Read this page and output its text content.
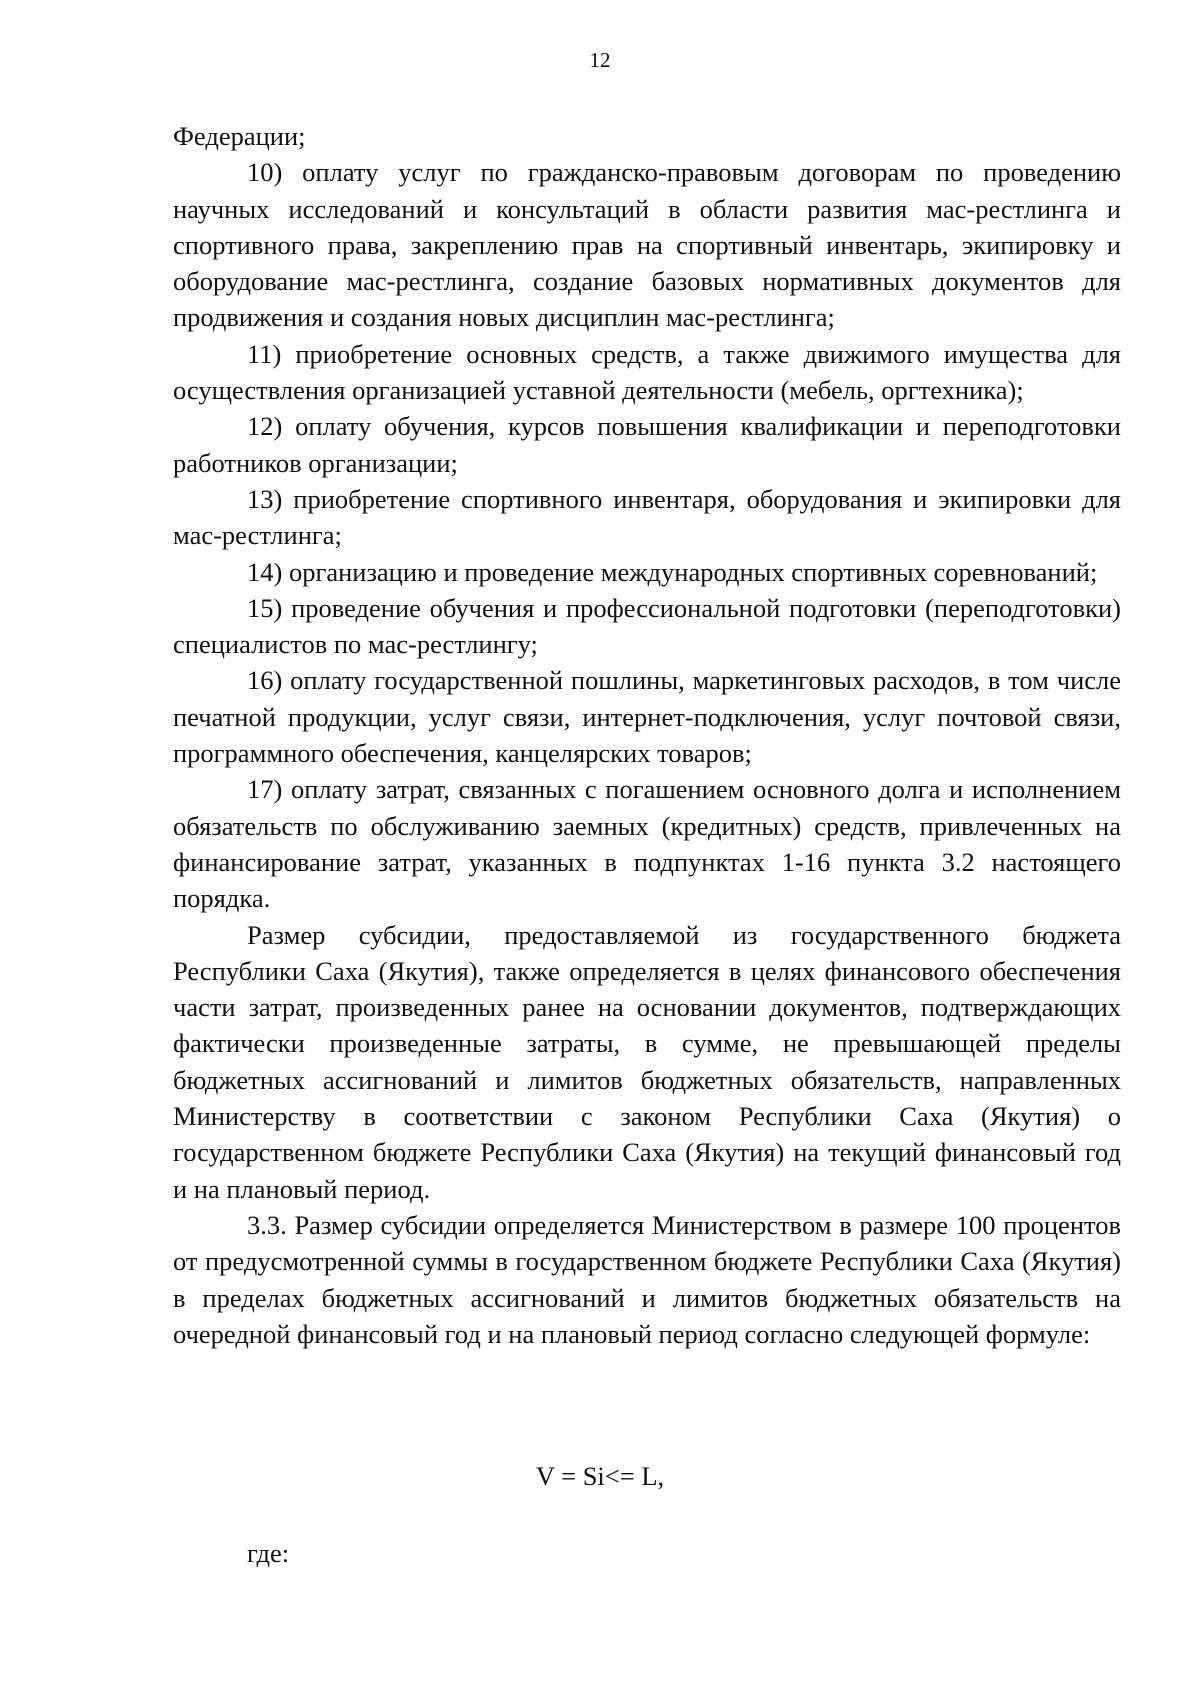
12

Федерации;

10) оплату услуг по гражданско-правовым договорам по проведению научных исследований и консультаций в области развития мас-рестлинга и спортивного права, закреплению прав на спортивный инвентарь, экипировку и оборудование мас-рестлинга, создание базовых нормативных документов для продвижения и создания новых дисциплин мас-рестлинга;

11) приобретение основных средств, а также движимого имущества для осуществления организацией уставной деятельности (мебель, оргтехника);

12) оплату обучения, курсов повышения квалификации и переподготовки работников организации;

13) приобретение спортивного инвентаря, оборудования и экипировки для мас-рестлинга;

14) организацию и проведение международных спортивных соревнований;

15) проведение обучения и профессиональной подготовки (переподготовки) специалистов по мас-рестлингу;

16) оплату государственной пошлины, маркетинговых расходов, в том числе печатной продукции, услуг связи, интернет-подключения, услуг почтовой связи, программного обеспечения, канцелярских товаров;

17) оплату затрат, связанных с погашением основного долга и исполнением обязательств по обслуживанию заемных (кредитных) средств, привлеченных на финансирование затрат, указанных в подпунктах 1-16 пункта 3.2 настоящего порядка.

Размер субсидии, предоставляемой из государственного бюджета Республики Саха (Якутия), также определяется в целях финансового обеспечения части затрат, произведенных ранее на основании документов, подтверждающих фактически произведенные затраты, в сумме, не превышающей пределы бюджетных ассигнований и лимитов бюджетных обязательств, направленных Министерству в соответствии с законом Республики Саха (Якутия) о государственном бюджете Республики Саха (Якутия) на текущий финансовый год и на плановый период.

3.3. Размер субсидии определяется Министерством в размере 100 процентов от предусмотренной суммы в государственном бюджете Республики Саха (Якутия) в пределах бюджетных ассигнований и лимитов бюджетных обязательств на очередной финансовый год и на плановый период согласно следующей формуле:

V = Si<= L,
где:
